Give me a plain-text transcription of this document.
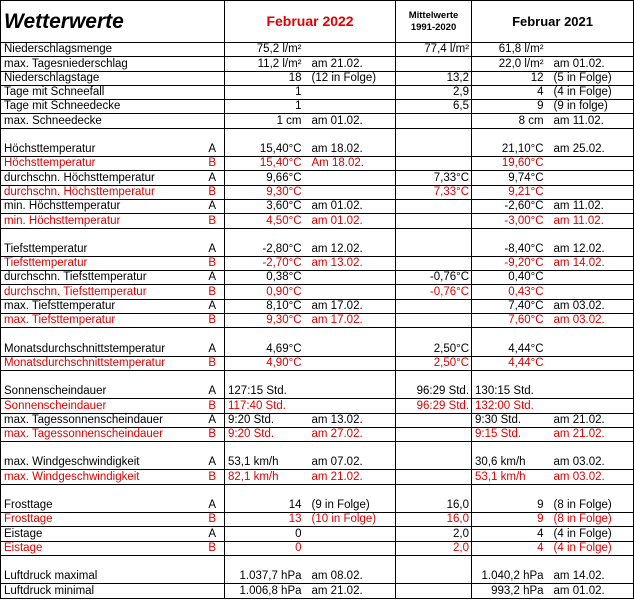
Wetterwerte		Februar 2022		Mittelwerte
1991-2020	Februar 2021	
Niederschlagsmenge		75,2 l/m²		77,4 l/m²	61,8 l/m²	
max. Tagesniederschlag		11,2 l/m²	am 21.02.		22,0 l/m²	am 01.02.
Niederschlagstage		18	(12 in Folge)	13,2	12	(5 in Folge)
Tage mit Schneefall		1		2,9	4	(4 in Folge)
Tage mit Schneedecke		1		6,5	9	(9 in folge)
max. Schneedecke		1 cm	am 01.02.		8 cm	am 11.02.

Höchsttemperatur	A	15,40°C	am 18.02.		21,10°C	am 25.02.
Höchsttemperatur	B	15,40°C	Am 18.02.		19,60°C	
durchschn. Höchsttemperatur	A	9,66°C		7,33°C	9,74°C	
durchschn. Höchsttemperatur	B	9,30°C		7,33°C	9,21°C	
min. Höchsttemperatur	A	3,60°C	am 01.02.		-2,60°C	am 11.02.
min. Höchsttemperatur	B	4,50°C	am 01.02.		-3,00°C	am 11.02.

Tiefsttemperatur	A	-2,80°C	am 12.02.		-8,40°C	am 12.02.
Tiefsttemperatur	B	-2,70°C	am 13.02.		-9,20°C	am 14.02.
durchschn. Tiefsttemperatur	A	0,38°C		-0,76°C	0,40°C	
durchschn. Tiefsttemperatur	B	0,90°C		-0,76°C	0,43°C	
max. Tiefsttemperatur	A	8,10°C	am 17.02.		7,40°C	am 03.02.
max. Tiefsttemperatur	B	9,30°C	am 17.02.		7,60°C	am 03.02.

Monatsdurchschnittstemperatur	A	4,69°C		2,50°C	4,44°C	
Monatsdurchschnittstemperatur	B	4,90°C		2,50°C	4,44°C	

Sonnenscheindauer	A	127:15 Std.		96:29 Std.	130:15 Std.	
Sonnenscheindauer	B	117:40 Std.		96:29 Std.	132:00 Std.	
max. Tagessonnenscheindauer	A	9:20 Std.	am 13.02.		9:30 Std.	am 21.02.
max. Tagessonnenscheindauer	B	9:20 Std.	am 27.02.		9:15 Std.	am 21.02.

max. Windgeschwindigkeit	A	53,1 km/h	am 07.02.		30,6 km/h	am 03.02.
max. Windgeschwindigkeit	B	82,1 km/h	am 21.02.		53,1 km/h	am 03.02.

Frosttage	A	14	(9 in Folge)	16,0	9	(8 in Folge)
Frosttage	B	13	(10 in Folge)	16,0	9	(8 in Folge)
Eistage	A	0		2,0	4	(4 in Folge)
Eistage	B	0		2,0	4	(4 in Folge)

Luftdruck maximal		1.037,7 hPa	am 08.02.		1.040,2 hPa	am 14.02.
Luftdruck minimal		1.006,8 hPa	am 21.02.		993,2 hPa	am 01.02.
